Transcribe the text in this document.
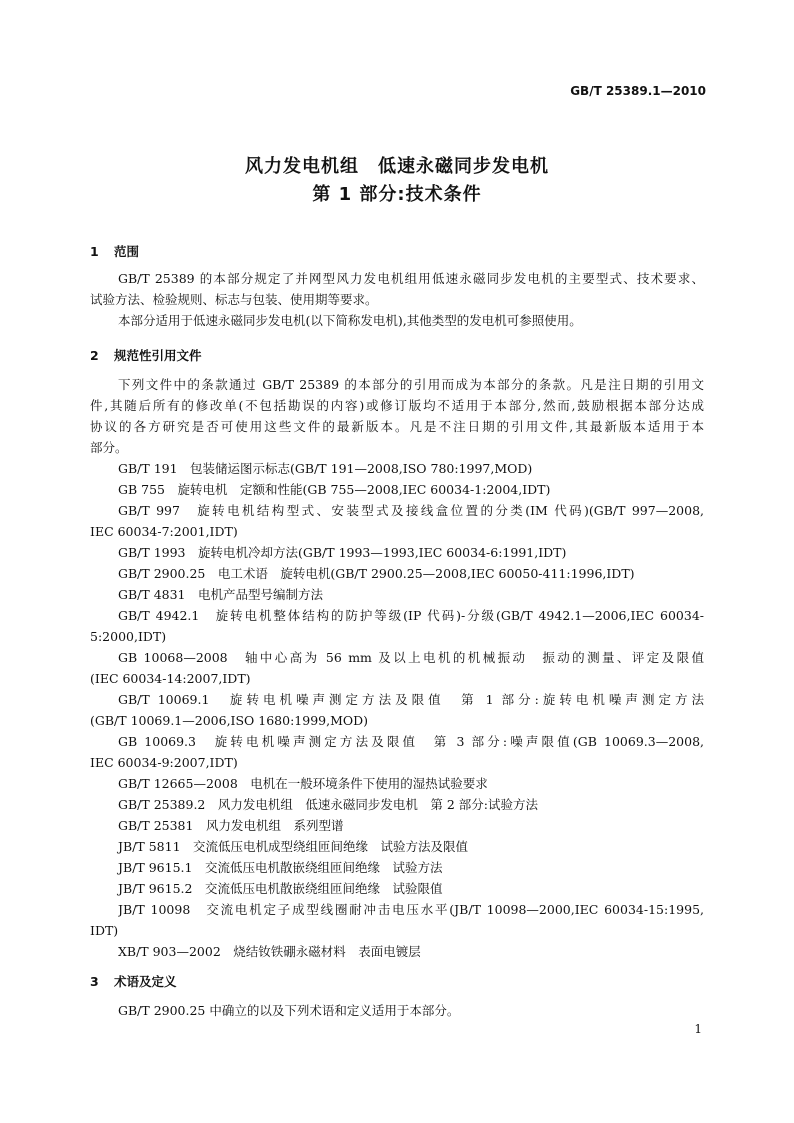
GB/T 25389.1—2010
风力发电机组　低速永磁同步发电机
第 1 部分:技术条件
1 范围
GB/T 25389 的本部分规定了并网型风力发电机组用低速永磁同步发电机的主要型式、技术要求、
试验方法、检验规则、标志与包装、使用期等要求。
本部分适用于低速永磁同步发电机(以下简称发电机),其他类型的发电机可参照使用。
2 规范性引用文件
下列文件中的条款通过 GB/T 25389 的本部分的引用而成为本部分的条款。凡是注日期的引用文
件,其随后所有的修改单(不包括勘误的内容)或修订版均不适用于本部分,然而,鼓励根据本部分达成
协议的各方研究是否可使用这些文件的最新版本。凡是不注日期的引用文件,其最新版本适用于本
部分。
GB/T 191　包装储运图示标志(GB/T 191—2008,ISO 780:1997,MOD)
GB 755　旋转电机　定额和性能(GB 755—2008,IEC 60034-1:2004,IDT)
GB/T 997　旋转电机结构型式、安装型式及接线盒位置的分类(IM 代码)(GB/T 997—2008,
IEC 60034-7:2001,IDT)
GB/T 1993　旋转电机冷却方法(GB/T 1993—1993,IEC 60034-6:1991,IDT)
GB/T 2900.25　电工术语　旋转电机(GB/T 2900.25—2008,IEC 60050-411:1996,IDT)
GB/T 4831　电机产品型号编制方法
GB/T 4942.1　旋转电机整体结构的防护等级(IP 代码)-分级(GB/T 4942.1—2006,IEC 60034-
5:2000,IDT)
GB 10068—2008　轴中心高为 56 mm 及以上电机的机械振动　振动的测量、评定及限值
(IEC 60034-14:2007,IDT)
GB/T 10069.1　旋转电机噪声测定方法及限值　第 1 部分:旋转电机噪声测定方法
(GB/T 10069.1—2006,ISO 1680:1999,MOD)
GB 10069.3　旋转电机噪声测定方法及限值　第 3 部分:噪声限值(GB 10069.3—2008,
IEC 60034-9:2007,IDT)
GB/T 12665—2008　电机在一般环境条件下使用的湿热试验要求
GB/T 25389.2　风力发电机组　低速永磁同步发电机　第 2 部分:试验方法
GB/T 25381　风力发电机组　系列型谱
JB/T 5811　交流低压电机成型绕组匝间绝缘　试验方法及限值
JB/T 9615.1　交流低压电机散嵌绕组匝间绝缘　试验方法
JB/T 9615.2　交流低压电机散嵌绕组匝间绝缘　试验限值
JB/T 10098　交流电机定子成型线圈耐冲击电压水平(JB/T 10098—2000,IEC 60034-15:1995,
IDT)
XB/T 903—2002　烧结钕铁硼永磁材料　表面电镀层
3 术语及定义
GB/T 2900.25 中确立的以及下列术语和定义适用于本部分。
1
